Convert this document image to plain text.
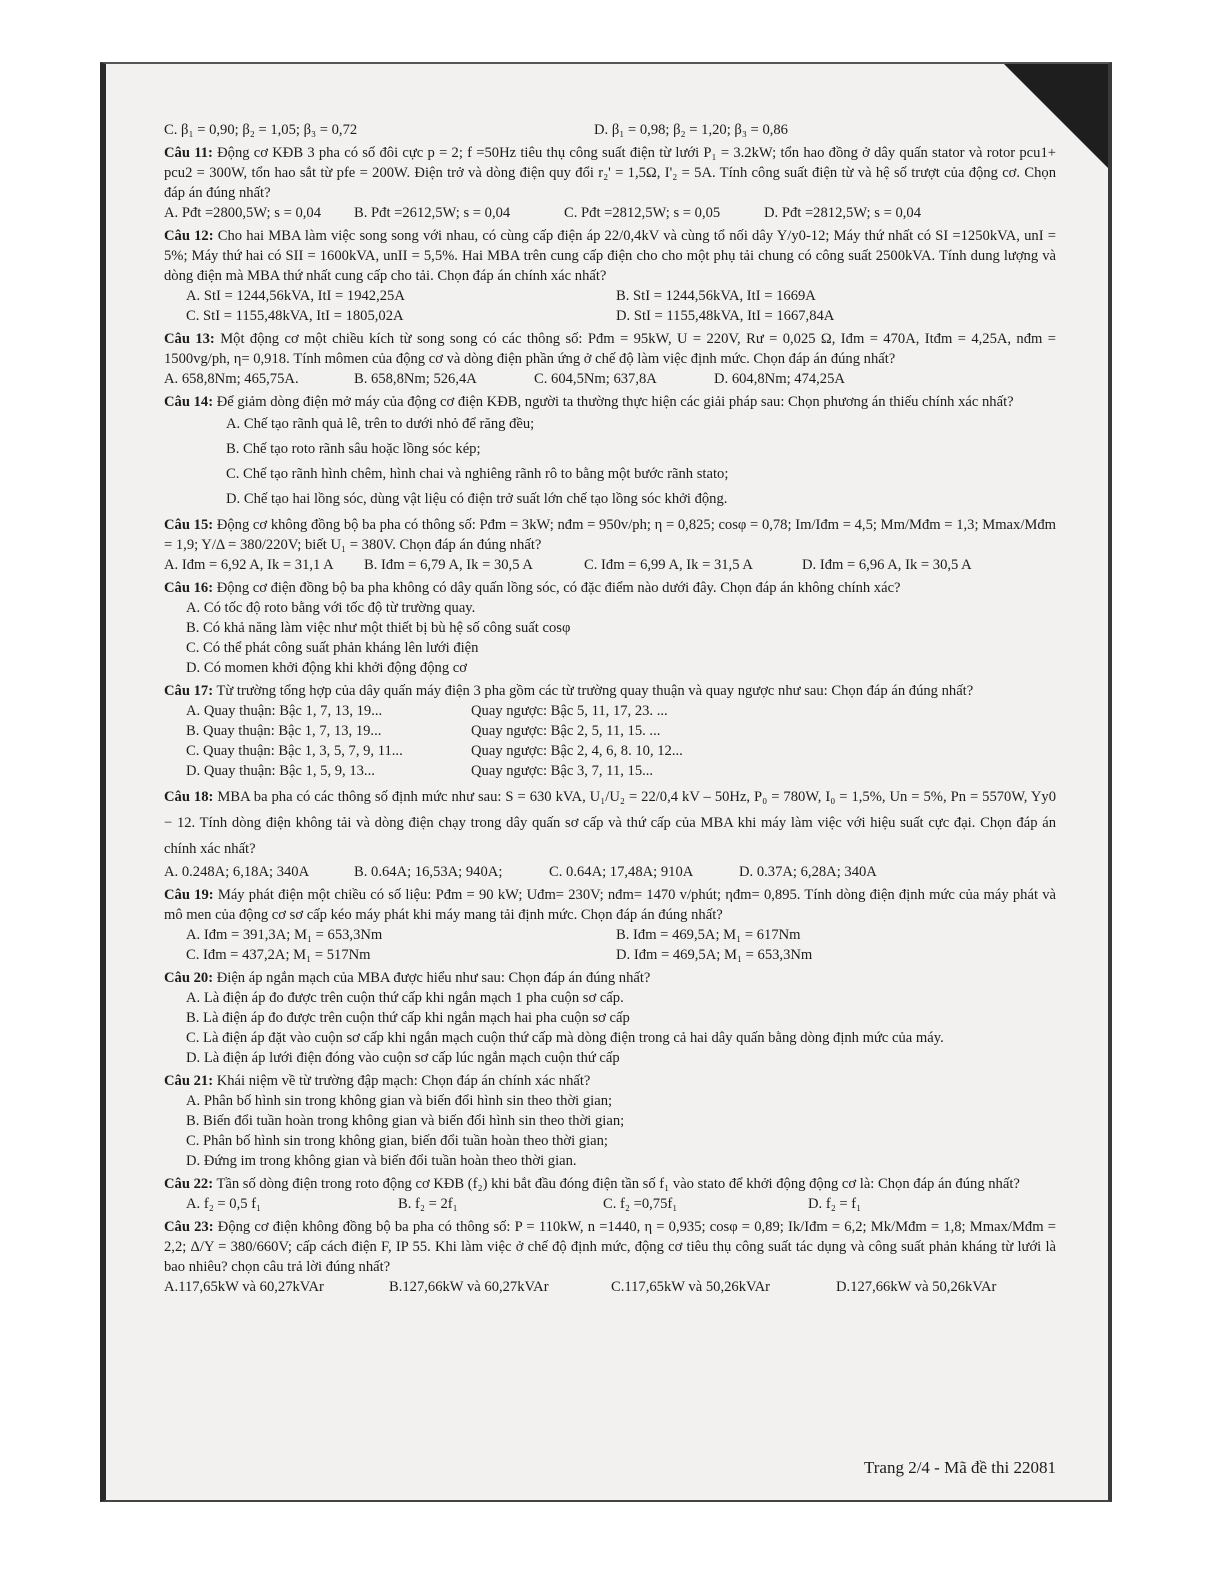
C. β₁ = 0,90; β₂ = 1,05; β₃ = 0,72	D. β₁ = 0,98; β₂ = 1,20; β₃ = 0,86
Câu 11: Động cơ KĐB 3 pha có số đôi cực p = 2; f =50Hz tiêu thụ công suất điện từ lưới P₁ = 3.2kW; tổn hao đồng ở dây quấn stator và rotor pcu1+ pcu2 = 300W, tổn hao sắt từ pfe = 200W. Điện trở và dòng điện quy đổi r₂' = 1,5Ω, I'₂ = 5A. Tính công suất điện từ và hệ số trượt của động cơ. Chọn đáp án đúng nhất?
A. Pđt =2800,5W; s = 0,04	B. Pđt =2612,5W; s = 0,04	C. Pđt =2812,5W; s = 0,05	D. Pđt =2812,5W; s = 0,04
Câu 12: Cho hai MBA làm việc song song với nhau, có cùng cấp điện áp 22/0,4kV và cùng tổ nối dây Y/y0-12; Máy thứ nhất có SI =1250kVA, unI = 5%; Máy thứ hai có SII = 1600kVA, unII = 5,5%. Hai MBA trên cung cấp điện cho cho một phụ tải chung có công suất 2500kVA. Tính dung lượng và dòng điện mà MBA thứ nhất cung cấp cho tải. Chọn đáp án chính xác nhất?
A. StI = 1244,56kVA, ItI = 1942,25A	B. StI = 1244,56kVA, ItI = 1669A
C. StI = 1155,48kVA, ItI = 1805,02A	D. StI = 1155,48kVA, ItI = 1667,84A
Câu 13: Một động cơ một chiều kích từ song song có các thông số: Pđm = 95kW, U = 220V, Rư = 0,025 Ω, Iđm = 470A, Itđm = 4,25A, nđm = 1500vg/ph, η= 0,918. Tính mômen của động cơ và dòng điện phần ứng ở chế độ làm việc định mức. Chọn đáp án đúng nhất?
A. 658,8Nm; 465,75A.	B. 658,8Nm; 526,4A	C. 604,5Nm; 637,8A	D. 604,8Nm; 474,25A
Câu 14: Để giảm dòng điện mở máy của động cơ điện KĐB, người ta thường thực hiện các giải pháp sau: Chọn phương án thiếu chính xác nhất?
A. Chế tạo rãnh quả lê, trên to dưới nhỏ để răng đều;
B. Chế tạo roto rãnh sâu hoặc lồng sóc kép;
C. Chế tạo rãnh hình chêm, hình chai và nghiêng rãnh rô to bằng một bước rãnh stato;
D. Chế tạo hai lồng sóc, dùng vật liệu có điện trở suất lớn chế tạo lồng sóc khởi động.
Câu 15: Động cơ không đồng bộ ba pha có thông số: Pđm = 3kW; nđm = 950v/ph; η = 0,825; cosφ = 0,78; Im/Iđm = 4,5; Mm/Mđm = 1,3; Mmax/Mđm = 1,9; Y/Δ = 380/220V; biết U₁ = 380V. Chọn đáp án đúng nhất?
A. Iđm = 6,92 A, Ik = 31,1 A	B. Iđm = 6,79 A, Ik = 30,5 A	C. Iđm = 6,99 A, Ik = 31,5 A	D. Iđm = 6,96 A, Ik = 30,5 A
Câu 16: Động cơ điện đồng bộ ba pha không có dây quấn lồng sóc, có đặc điểm nào dưới đây. Chọn đáp án không chính xác?
A. Có tốc độ roto bằng với tốc độ từ trường quay.
B. Có khả năng làm việc như một thiết bị bù hệ số công suất cosφ
C. Có thể phát công suất phản kháng lên lưới điện
D. Có momen khởi động khi khởi động động cơ
Câu 17: Từ trường tổng hợp của dây quấn máy điện 3 pha gồm các từ trường quay thuận và quay ngược như sau: Chọn đáp án đúng nhất?
A. Quay thuận: Bậc 1, 7, 13, 19...	Quay ngược: Bậc 5, 11, 17, 23. ...
B. Quay thuận: Bậc 1, 7, 13, 19...	Quay ngược: Bậc 2, 5, 11, 15. ...
C. Quay thuận: Bậc 1, 3, 5, 7, 9, 11...	Quay ngược: Bậc 2, 4, 6, 8. 10, 12...
D. Quay thuận: Bậc 1, 5, 9, 13...	Quay ngược: Bậc 3, 7, 11, 15...
Câu 18: MBA ba pha có các thông số định mức như sau: S = 630 kVA, U₁/U₂ = 22/0,4 kV – 50Hz, P₀ = 780W, I₀ = 1,5%, Un = 5%, Pn = 5570W, Yy0 − 12. Tính dòng điện không tải và dòng điện chạy trong dây quấn sơ cấp và thứ cấp của MBA khi máy làm việc với hiệu suất cực đại. Chọn đáp án chính xác nhất?
A. 0.248A; 6,18A; 340A	B. 0.64A; 16,53A; 940A;	C. 0.64A; 17,48A; 910A	D. 0.37A; 6,28A; 340A
Câu 19: Máy phát điện một chiều có số liệu: Pđm = 90 kW; Uđm= 230V; nđm= 1470 v/phút; ηđm= 0,895. Tính dòng điện định mức của máy phát và mô men của động cơ sơ cấp kéo máy phát khi máy mang tải định mức. Chọn đáp án đúng nhất?
A. Iđm = 391,3A; M₁ = 653,3Nm	B. Iđm = 469,5A; M₁ = 617Nm
C. Iđm = 437,2A; M₁ = 517Nm	D. Iđm = 469,5A; M₁ = 653,3Nm
Câu 20: Điện áp ngắn mạch của MBA được hiểu như sau: Chọn đáp án đúng nhất?
A. Là điện áp đo được trên cuộn thứ cấp khi ngắn mạch 1 pha cuộn sơ cấp.
B. Là điện áp đo được trên cuộn thứ cấp khi ngắn mạch hai pha cuộn sơ cấp
C. Là điện áp đặt vào cuộn sơ cấp khi ngắn mạch cuộn thứ cấp mà dòng điện trong cả hai dây quấn bằng dòng định mức của máy.
D. Là điện áp lưới điện đóng vào cuộn sơ cấp lúc ngắn mạch cuộn thứ cấp
Câu 21: Khái niệm về từ trường đập mạch: Chọn đáp án chính xác nhất?
A. Phân bố hình sin trong không gian và biến đổi hình sin theo thời gian;
B. Biến đổi tuần hoàn trong không gian và biến đổi hình sin theo thời gian;
C. Phân bố hình sin trong không gian, biến đổi tuần hoàn theo thời gian;
D. Đứng im trong không gian và biến đổi tuần hoàn theo thời gian.
Câu 22: Tần số dòng điện trong roto động cơ KĐB (f₂) khi bắt đầu đóng điện tần số f₁ vào stato để khởi động động cơ là: Chọn đáp án đúng nhất?
A. f₂ = 0,5 f₁	B. f₂ = 2f₁	C. f₂ =0,75f₁	D. f₂ = f₁
Câu 23: Động cơ điện không đồng bộ ba pha có thông số: P = 110kW, n =1440, η = 0,935; cosφ = 0,89; Ik/Iđm = 6,2; Mk/Mđm = 1,8; Mmax/Mđm = 2,2; Δ/Y = 380/660V; cấp cách điện F, IP 55. Khi làm việc ở chế độ định mức, động cơ tiêu thụ công suất tác dụng và công suất phản kháng từ lưới là bao nhiêu? chọn câu trả lời đúng nhất?
A.117,65kW và 60,27kVAr	B.127,66kW và 60,27kVAr	C.117,65kW và 50,26kVAr	D.127,66kW và 50,26kVAr
Trang 2/4 - Mã đề thi 22081
